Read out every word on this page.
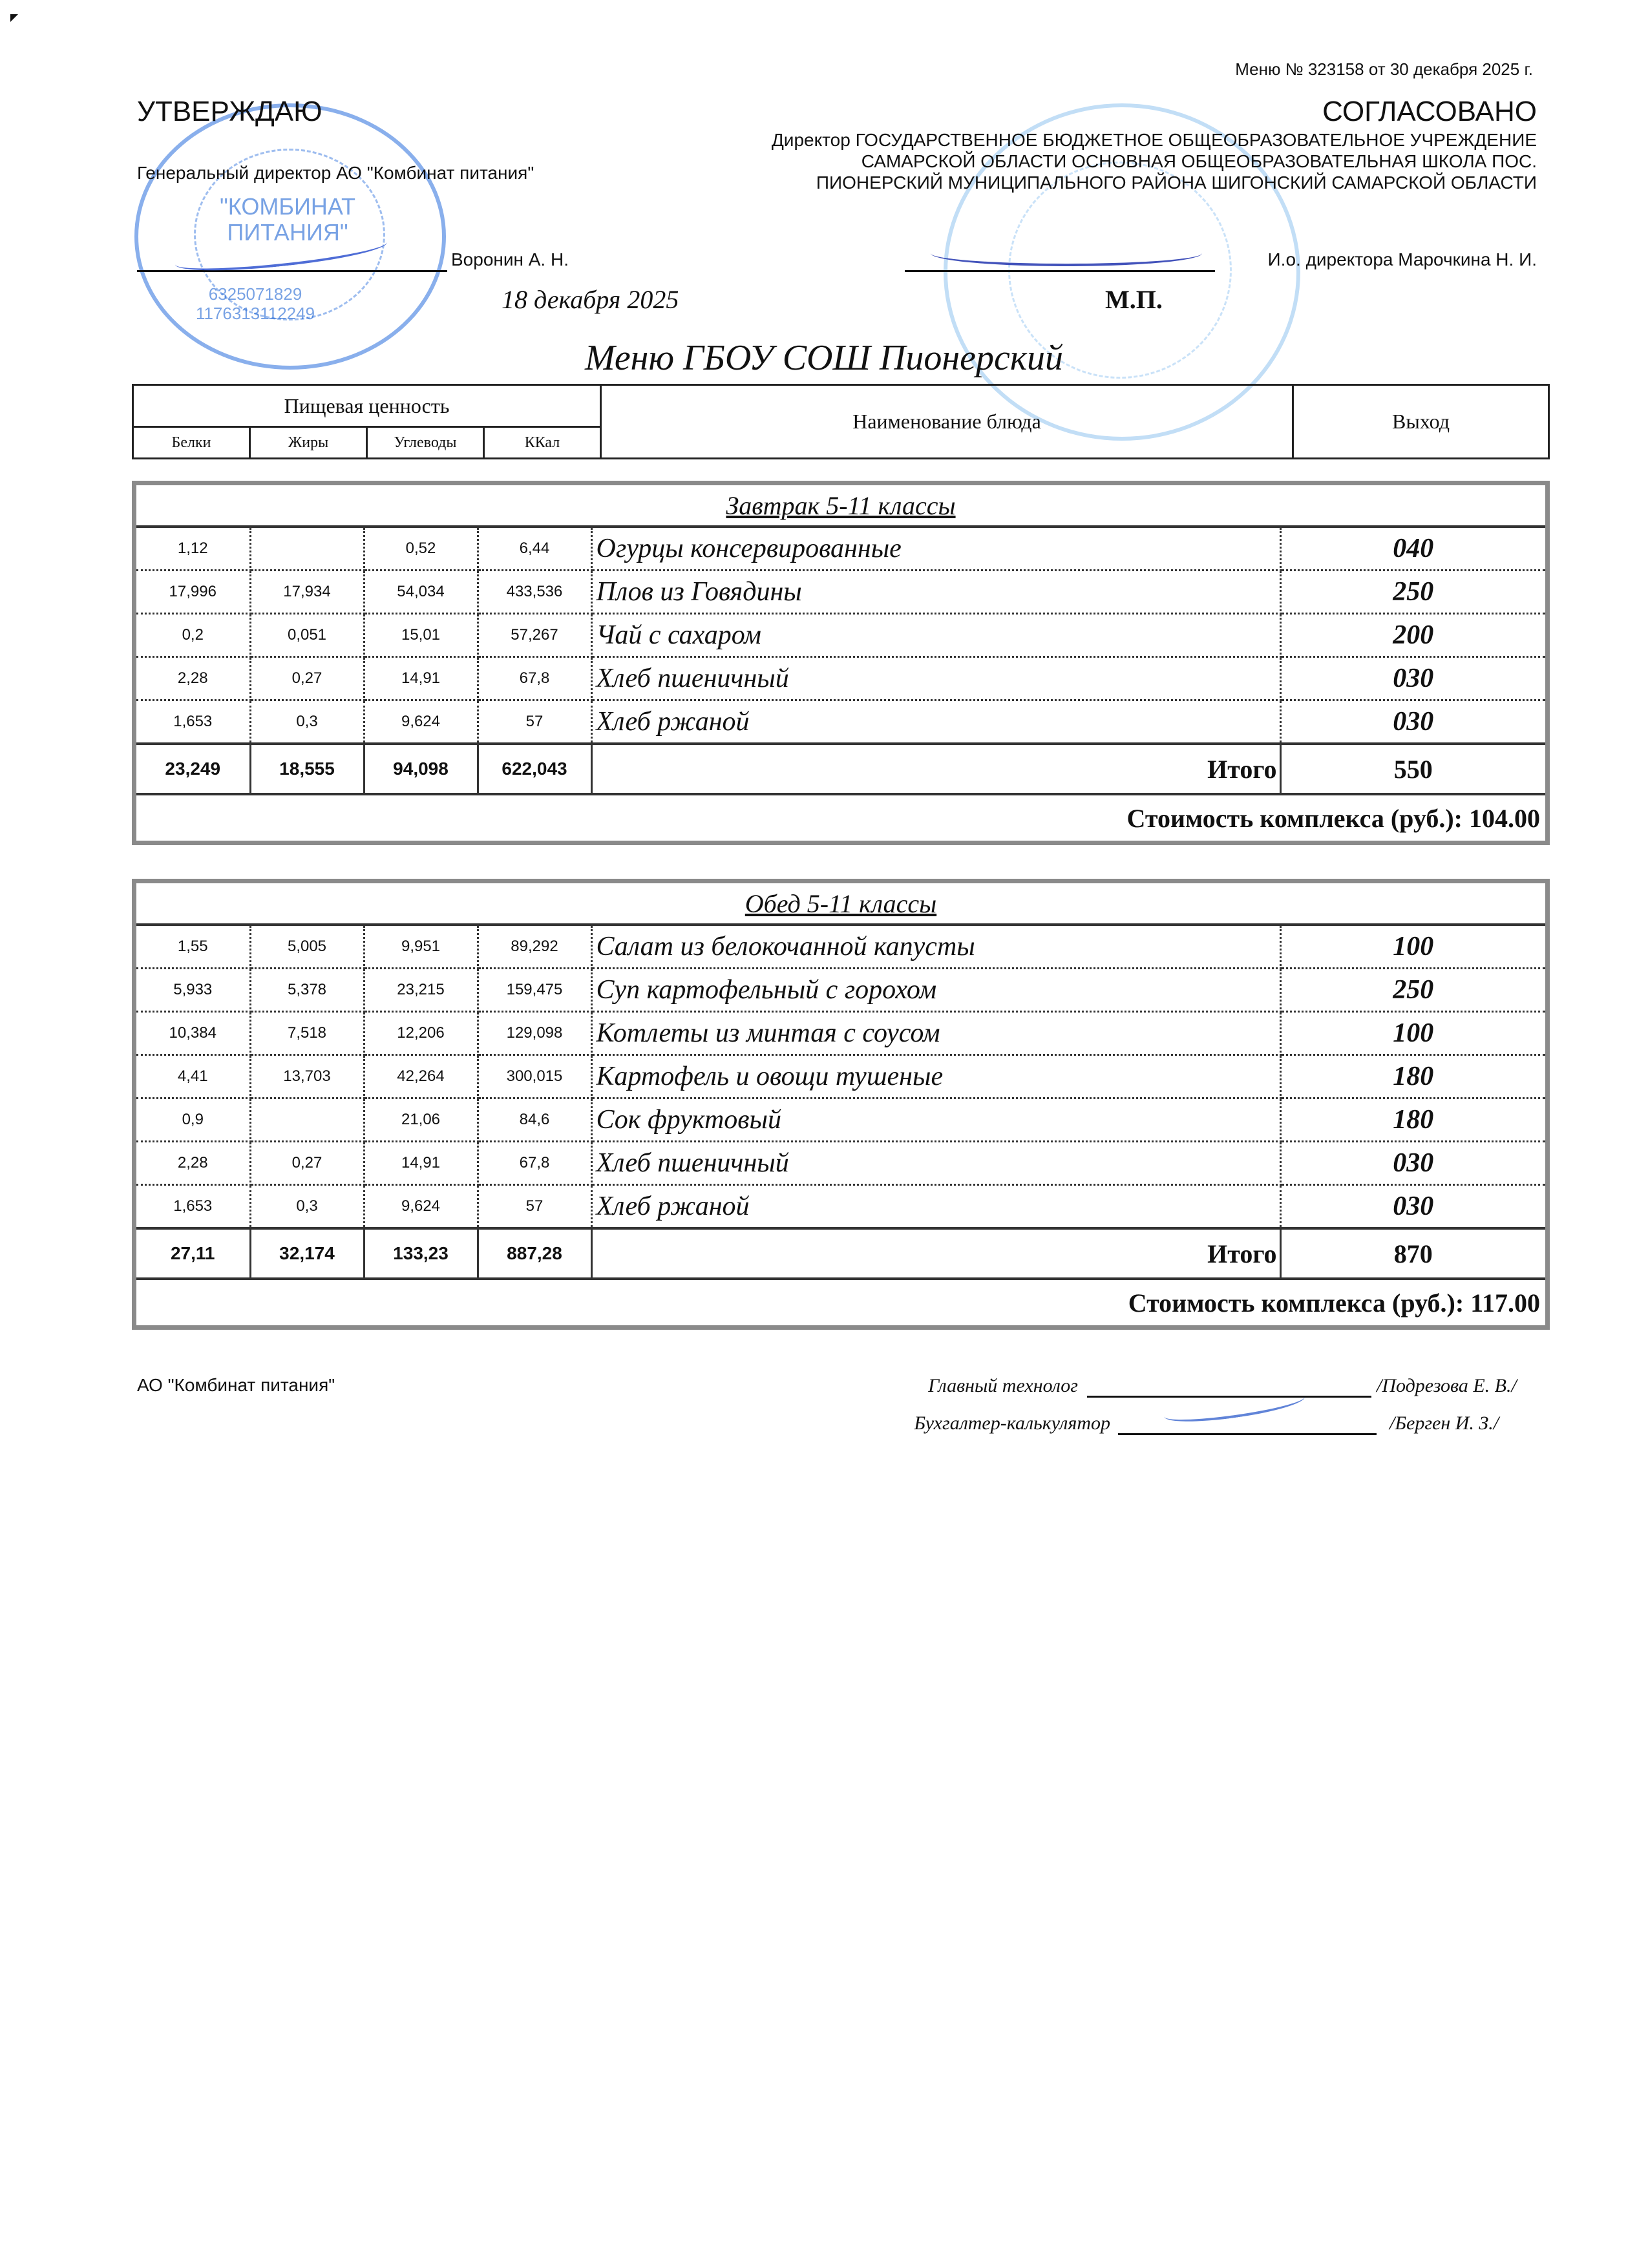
Меню № 323158 от 30 декабря 2025 г.
"КОМБИНАТ ПИТАНИЯ"
6325071829 1176313112249
УТВЕРЖДАЮ
Генеральный директор АО "Комбинат питания"
Воронин А. Н.
18 декабря 2025
СОГЛАСОВАНО
Директор ГОСУДАРСТВЕННОЕ БЮДЖЕТНОЕ ОБЩЕОБРАЗОВАТЕЛЬНОЕ УЧРЕЖДЕНИЕ САМАРСКОЙ ОБЛАСТИ ОСНОВНАЯ ОБЩЕОБРАЗОВАТЕЛЬНАЯ ШКОЛА ПОС. ПИОНЕРСКИЙ МУНИЦИПАЛЬНОГО РАЙОНА ШИГОНСКИЙ САМАРСКОЙ ОБЛАСТИ
И.о. директора Марочкина Н. И.
М.П.
Меню ГБОУ СОШ Пионерский
Пищевая ценность				Наименование блюда	Выход
Белки	Жиры	Углеводы	ККал		
Завтрак 5-11 классы					
1,12		0,52	6,44	Огурцы консервированные	040
17,996	17,934	54,034	433,536	Плов из Говядины	250
0,2	0,051	15,01	57,267	Чай с сахаром	200
2,28	0,27	14,91	67,8	Хлеб пшеничный	030
1,653	0,3	9,624	57	Хлеб ржаной	030
23,249	18,555	94,098	622,043	Итого	550
Стоимость комплекса (руб.): 104.00					
Обед 5-11 классы					
1,55	5,005	9,951	89,292	Салат из белокочанной капусты	100
5,933	5,378	23,215	159,475	Суп картофельный с горохом	250
10,384	7,518	12,206	129,098	Котлеты из минтая с соусом	100
4,41	13,703	42,264	300,015	Картофель и овощи тушеные	180
0,9		21,06	84,6	Сок фруктовый	180
2,28	0,27	14,91	67,8	Хлеб пшеничный	030
1,653	0,3	9,624	57	Хлеб ржаной	030
27,11	32,174	133,23	887,28	Итого	870
Стоимость комплекса (руб.): 117.00					
АО "Комбинат питания"	Главный технолог	/Подрезова Е. В./
Бухгалтер-калькулятор	/Берген И. З./
